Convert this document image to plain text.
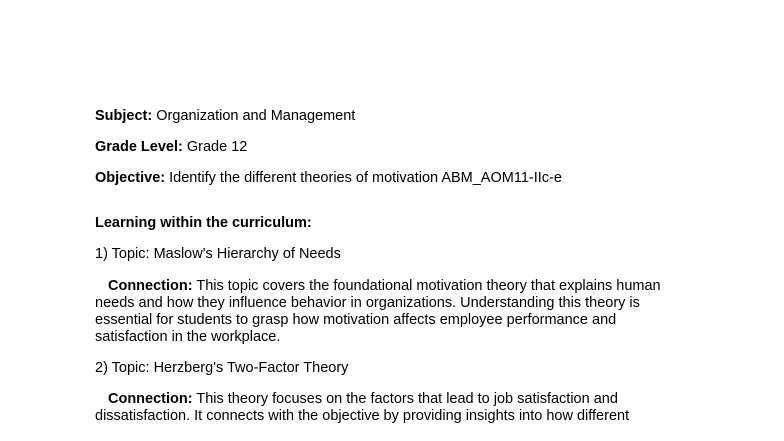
Subject: Organization and Management

Grade Level: Grade 12

Objective: Identify the different theories of motivation ABM_AOM11-IIc-e

Learning within the curriculum:

1) Topic: Maslow's Hierarchy of Needs

Connection: This topic covers the foundational motivation theory that explains human needs and how they influence behavior in organizations. Understanding this theory is essential for students to grasp how motivation affects employee performance and satisfaction in the workplace.

2) Topic: Herzberg's Two-Factor Theory

Connection: This theory focuses on the factors that lead to job satisfaction and dissatisfaction. It connects with the objective by providing insights into how different
